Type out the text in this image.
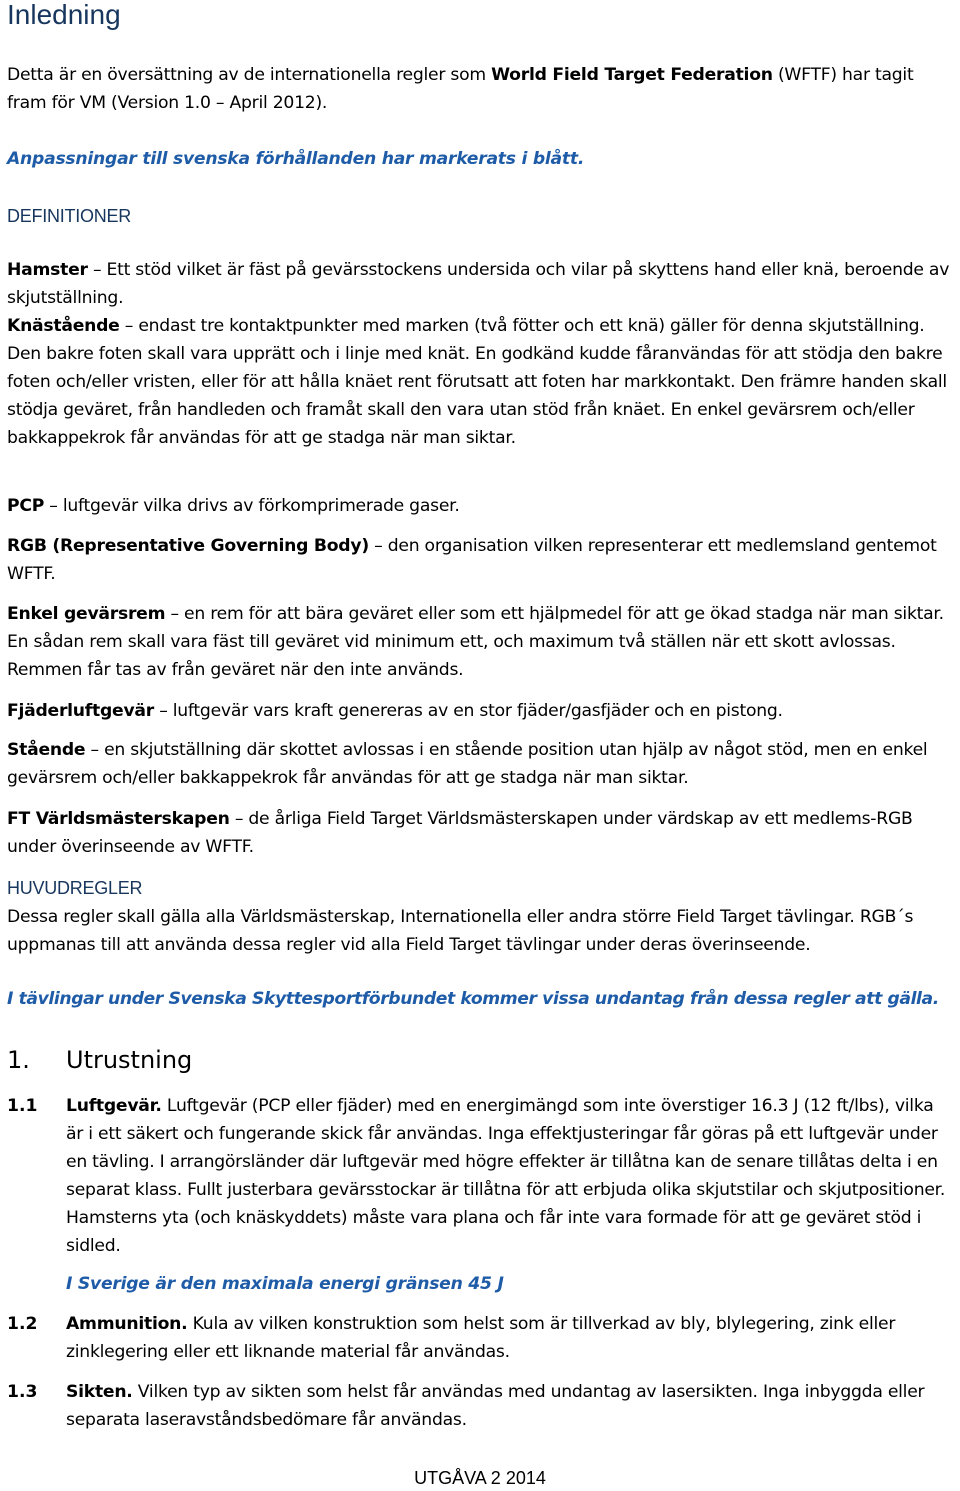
Inledning

Detta är en översättning av de internationella regler som World Field Target Federation (WFTF) har tagit fram för VM (Version 1.0 – April 2012).

Anpassningar till svenska förhållanden har markerats i blått.

DEFINITIONER

Hamster – Ett stöd vilket är fäst på gevärsstockens undersida och vilar på skyttens hand eller knä, beroende av skjutställning.

Knästående – endast tre kontaktpunkter med marken (två fötter och ett knä) gäller för denna skjutställning. Den bakre foten skall vara upprätt och i linje med knät. En godkänd kudde fåranvändas för att stödja den bakre foten och/eller vristen, eller för att hålla knäet rent förutsatt att foten har markkontakt. Den främre handen skall stödja geväret, från handleden och framåt skall den vara utan stöd från knäet. En enkel gevärsrem och/eller bakkappekrok får användas för att ge stadga när man siktar.

PCP – luftgevär vilka drivs av förkomprimerade gaser.

RGB (Representative Governing Body) – den organisation vilken representerar ett medlemsland gentemot WFTF.

Enkel gevärsrem – en rem för att bära geväret eller som ett hjälpmedel för att ge ökad stadga när man siktar. En sådan rem skall vara fäst till geväret vid minimum ett, och maximum två ställen när ett skott avlossas. Remmen får tas av från geväret när den inte används.

Fjäderluftgevär – luftgevär vars kraft genereras av en stor fjäder/gasfjäder och en pistong.

Stående – en skjutställning där skottet avlossas i en stående position utan hjälp av något stöd, men en enkel gevärsrem och/eller bakkappekrok får användas för att ge stadga när man siktar.

FT Världsmästerskapen – de årliga Field Target Världsmästerskapen under värdskap av ett medlems-RGB under överinseende av WFTF.

HUVUDREGLER
Dessa regler skall gälla alla Världsmästerskap, Internationella eller andra större Field Target tävlingar. RGB´s uppmanas till att använda dessa regler vid alla Field Target tävlingar under deras överinseende.

I tävlingar under Svenska Skyttesportförbundet kommer vissa undantag från dessa regler att gälla.

1. Utrustning

1.1 Luftgevär. Luftgevär (PCP eller fjäder) med en energimängd som inte överstiger 16.3 J (12 ft/lbs), vilka är i ett säkert och fungerande skick får användas. Inga effektjusteringar får göras på ett luftgevär under en tävling. I arrangörsländer där luftgevär med högre effekter är tillåtna kan de senare tillåtas delta i en separat klass. Fullt justerbara gevärsstockar är tillåtna för att erbjuda olika skjutstilar och skjutpositioner. Hamsterns yta (och knäskyddets) måste vara plana och får inte vara formade för att ge geväret stöd i sidled.

I Sverige är den maximala energi gränsen 45 J

1.2 Ammunition. Kula av vilken konstruktion som helst som är tillverkad av bly, blylegering, zink eller zinklegering eller ett liknande material får användas.

1.3 Sikten. Vilken typ av sikten som helst får användas med undantag av lasersikten. Inga inbyggda eller separata laseravståndsbedömare får användas.

UTGÅVA 2 2014
